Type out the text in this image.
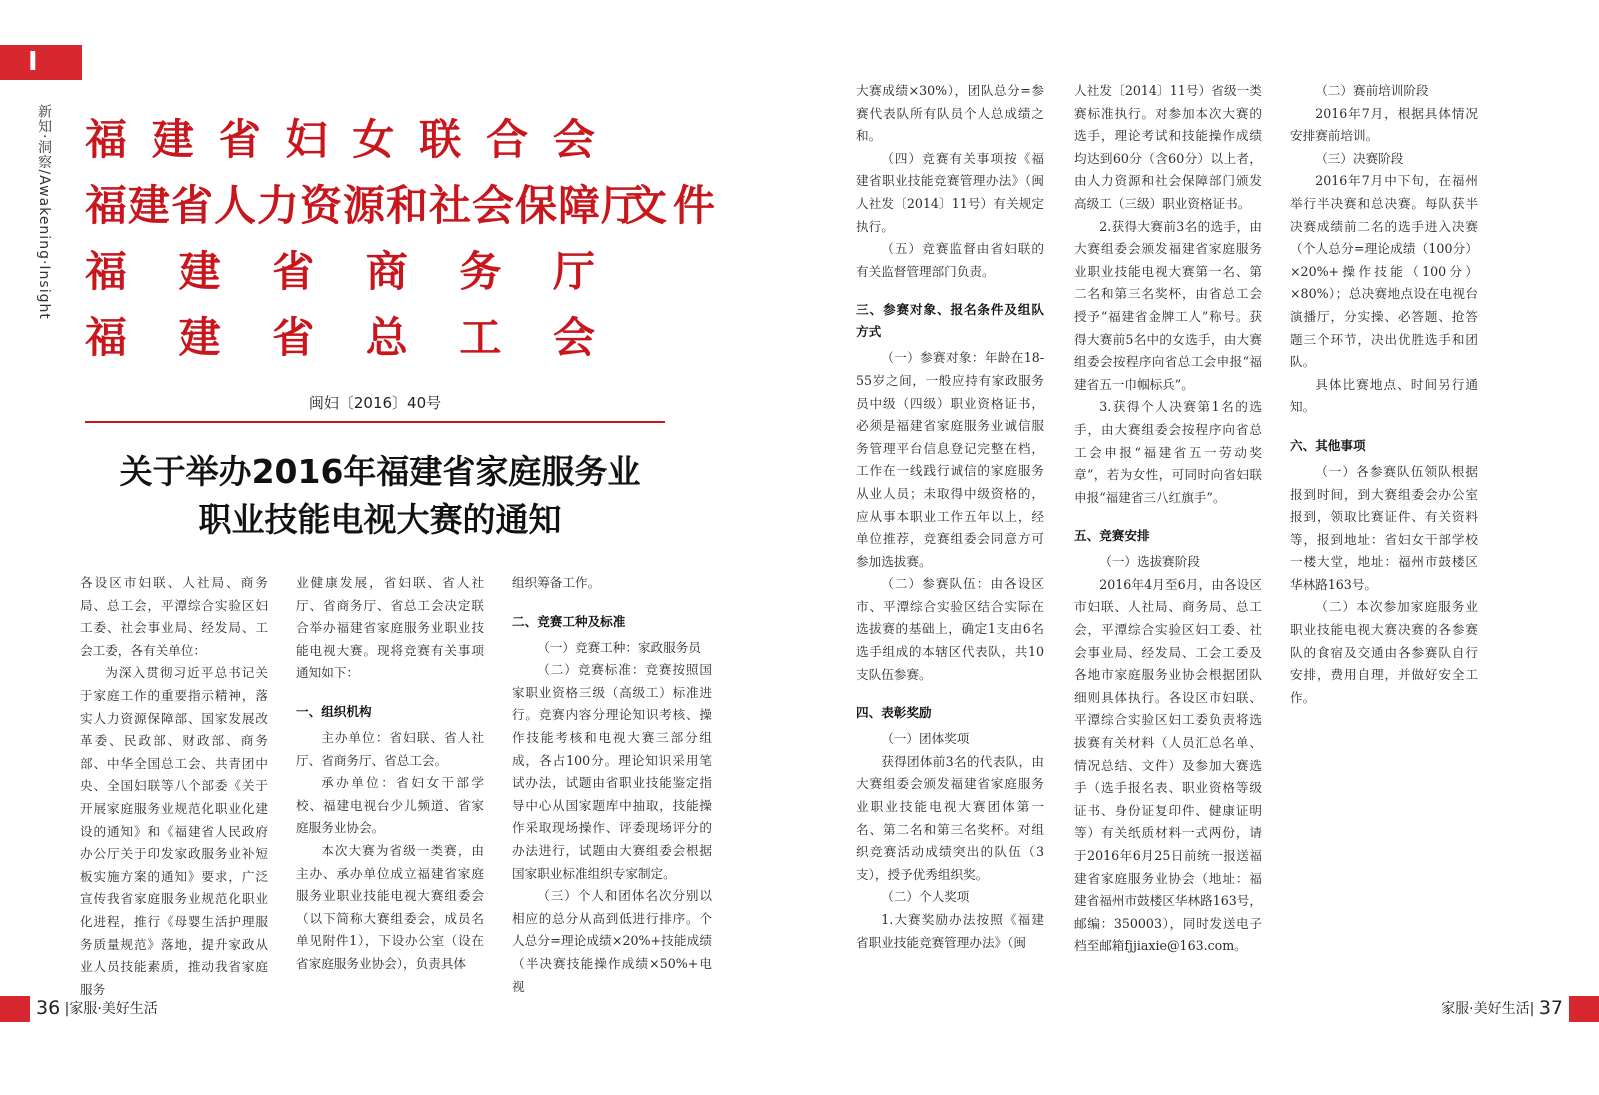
I
新知·洞察/Awakening·Insight 福 建 省 妇 女 联 合 会
福建省人力资源和社会保障厅
文件
福 建 省 商 务 厅
福 建 省 总 工 会
闽妇〔2016〕40号
关于举办2016年福建省家庭服务业
职业技能电视大赛的通知

各设区市妇联、人社局、商务局、总工会，平潭综合实验区妇工委、社会事业局、经发局、工会工委，各有关单位：

为深入贯彻习近平总书记关于家庭工作的重要指示精神，落实人力资源保障部、国家发展改革委、民政部、财政部、商务部、中华全国总工会、共青团中央、全国妇联等八个部委《关于开展家庭服务业规范化职业化建设的通知》和《福建省人民政府办公厅关于印发家政服务业补短板实施方案的通知》要求，广泛宣传我省家庭服务业规范化职业化进程，推行《母婴生活护理服务质量规范》落地，提升家政从业人员技能素质，推动我省家庭服务

业健康发展，省妇联、省人社厅、省商务厅、省总工会决定联合举办福建省家庭服务业职业技能电视大赛。现将竞赛有关事项通知如下：

一、组织机构

主办单位：省妇联、省人社厅、省商务厅、省总工会。

承办单位：省妇女干部学校、福建电视台少儿频道、省家庭服务业协会。

本次大赛为省级一类赛，由主办、承办单位成立福建省家庭服务业职业技能电视大赛组委会（以下简称大赛组委会，成员名单见附件1），下设办公室（设在省家庭服务业协会），负责具体

组织筹备工作。

二、竞赛工种及标准

（一）竞赛工种：家政服务员

（二）竞赛标准：竞赛按照国家职业资格三级（高级工）标准进行。竞赛内容分理论知识考核、操作技能考核和电视大赛三部分组成，各占100分。理论知识采用笔试办法，试题由省职业技能鉴定指导中心从国家题库中抽取，技能操作采取现场操作、评委现场评分的办法进行，试题由大赛组委会根据国家职业标准组织专家制定。

（三）个人和团体名次分别以相应的总分从高到低进行排序。个人总分=理论成绩×20%+技能成绩（半决赛技能操作成绩×50%+电视

大赛成绩×30%），团队总分=参赛代表队所有队员个人总成绩之和。

（四）竞赛有关事项按《福建省职业技能竞赛管理办法》（闽人社发〔2014〕11号）有关规定执行。

（五）竞赛监督由省妇联的有关监督管理部门负责。

三、参赛对象、报名条件及组队方式

（一）参赛对象：年龄在18-55岁之间，一般应持有家政服务员中级（四级）职业资格证书，必须是福建省家庭服务业诚信服务管理平台信息登记完整在档，工作在一线践行诚信的家庭服务从业人员；未取得中级资格的，应从事本职业工作五年以上，经单位推荐，竞赛组委会同意方可参加选拔赛。

（二）参赛队伍：由各设区市、平潭综合实验区结合实际在选拔赛的基础上，确定1支由6名选手组成的本辖区代表队，共10支队伍参赛。

四、表彰奖励

（一）团体奖项

获得团体前3名的代表队，由大赛组委会颁发福建省家庭服务业职业技能电视大赛团体第一名、第二名和第三名奖杯。对组织竞赛活动成绩突出的队伍（3支），授予优秀组织奖。

（二）个人奖项

1.大赛奖励办法按照《福建省职业技能竞赛管理办法》（闽

人社发〔2014〕11号）省级一类赛标准执行。对参加本次大赛的选手，理论考试和技能操作成绩均达到60分（含60分）以上者，由人力资源和社会保障部门颁发高级工（三级）职业资格证书。

2.获得大赛前3名的选手，由大赛组委会颁发福建省家庭服务业职业技能电视大赛第一名、第二名和第三名奖杯，由省总工会授予“福建省金牌工人”称号。获得大赛前5名中的女选手，由大赛组委会按程序向省总工会申报“福建省五一巾帼标兵”。

3.获得个人决赛第1名的选手，由大赛组委会按程序向省总工会申报“福建省五一劳动奖章”，若为女性，可同时向省妇联申报“福建省三八红旗手”。

五、竞赛安排

（一）选拔赛阶段

2016年4月至6月，由各设区市妇联、人社局、商务局、总工会，平潭综合实验区妇工委、社会事业局、经发局、工会工委及各地市家庭服务业协会根据团队细则具体执行。各设区市妇联、平潭综合实验区妇工委负责将选拔赛有关材料（人员汇总名单、情况总结、文件）及参加大赛选手（选手报名表、职业资格等级证书、身份证复印件、健康证明等）有关纸质材料一式两份，请于2016年6月25日前统一报送福建省家庭服务业协会（地址：福建省福州市鼓楼区华林路163号，邮编：350003），同时发送电子档至邮箱fjjiaxie@163.com。

（二）赛前培训阶段

2016年7月，根据具体情况安排赛前培训。

（三）决赛阶段

2016年7月中下旬，在福州举行半决赛和总决赛。每队获半决赛成绩前二名的选手进入决赛（个人总分=理论成绩（100分）×20%+操作技能（100分）×80%）；总决赛地点设在电视台演播厅，分实操、必答题、抢答题三个环节，决出优胜选手和团队。

具体比赛地点、时间另行通知。

六、其他事项

（一）各参赛队伍领队根据报到时间，到大赛组委会办公室报到，领取比赛证件、有关资料等，报到地址：省妇女干部学校一楼大堂，地址：福州市鼓楼区华林路163号。

（二）本次参加家庭服务业职业技能电视大赛决赛的各参赛队的食宿及交通由各参赛队自行安排，费用自理，并做好安全工作。

36 |家服·美好生活	家服·美好生活| 37
